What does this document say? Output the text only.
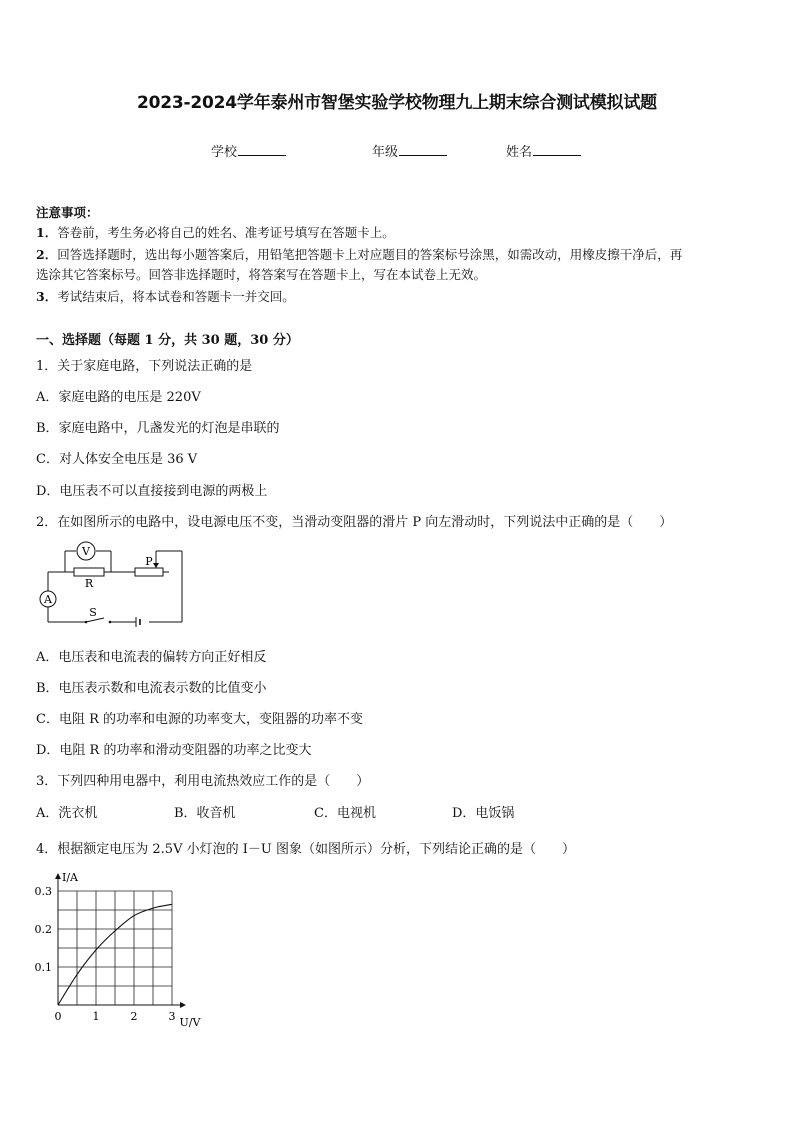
2023-2024学年泰州市智堡实验学校物理九上期末综合测试模拟试题
学校	年级	姓名
注意事项：
1．答卷前，考生务必将自己的姓名、准考证号填写在答题卡上。
2．回答选择题时，选出每小题答案后，用铅笔把答题卡上对应题目的答案标号涂黑，如需改动，用橡皮擦干净后，再
选涂其它答案标号。回答非选择题时，将答案写在答题卡上，写在本试卷上无效。
3．考试结束后，将本试卷和答题卡一并交回。
一、选择题（每题 1 分，共 30 题，30 分）
1．关于家庭电路，下列说法正确的是
A．家庭电路的电压是 220V
B．家庭电路中，几盏发光的灯泡是串联的
C．对人体安全电压是 36 V
D．电压表不可以直接接到电源的两极上
2．在如图所示的电路中，设电源电压不变，当滑动变阻器的滑片 P 向左滑动时，下列说法中正确的是（　　）
V
A
R
P
S
A．电压表和电流表的偏转方向正好相反
B．电压表示数和电流表示数的比值变小
C．电阻 R 的功率和电源的功率变大，变阻器的功率不变
D．电阻 R 的功率和滑动变阻器的功率之比变大
3．下列四种用电器中，利用电流热效应工作的是（　　）
A．洗衣机	B．收音机	C．电视机	D．电饭锅
4．根据额定电压为 2.5V 小灯泡的 I－U 图象（如图所示）分析，下列结论正确的是（　　）
0	1	2	3
0.1
0.2
0.3
I/A
U/V
